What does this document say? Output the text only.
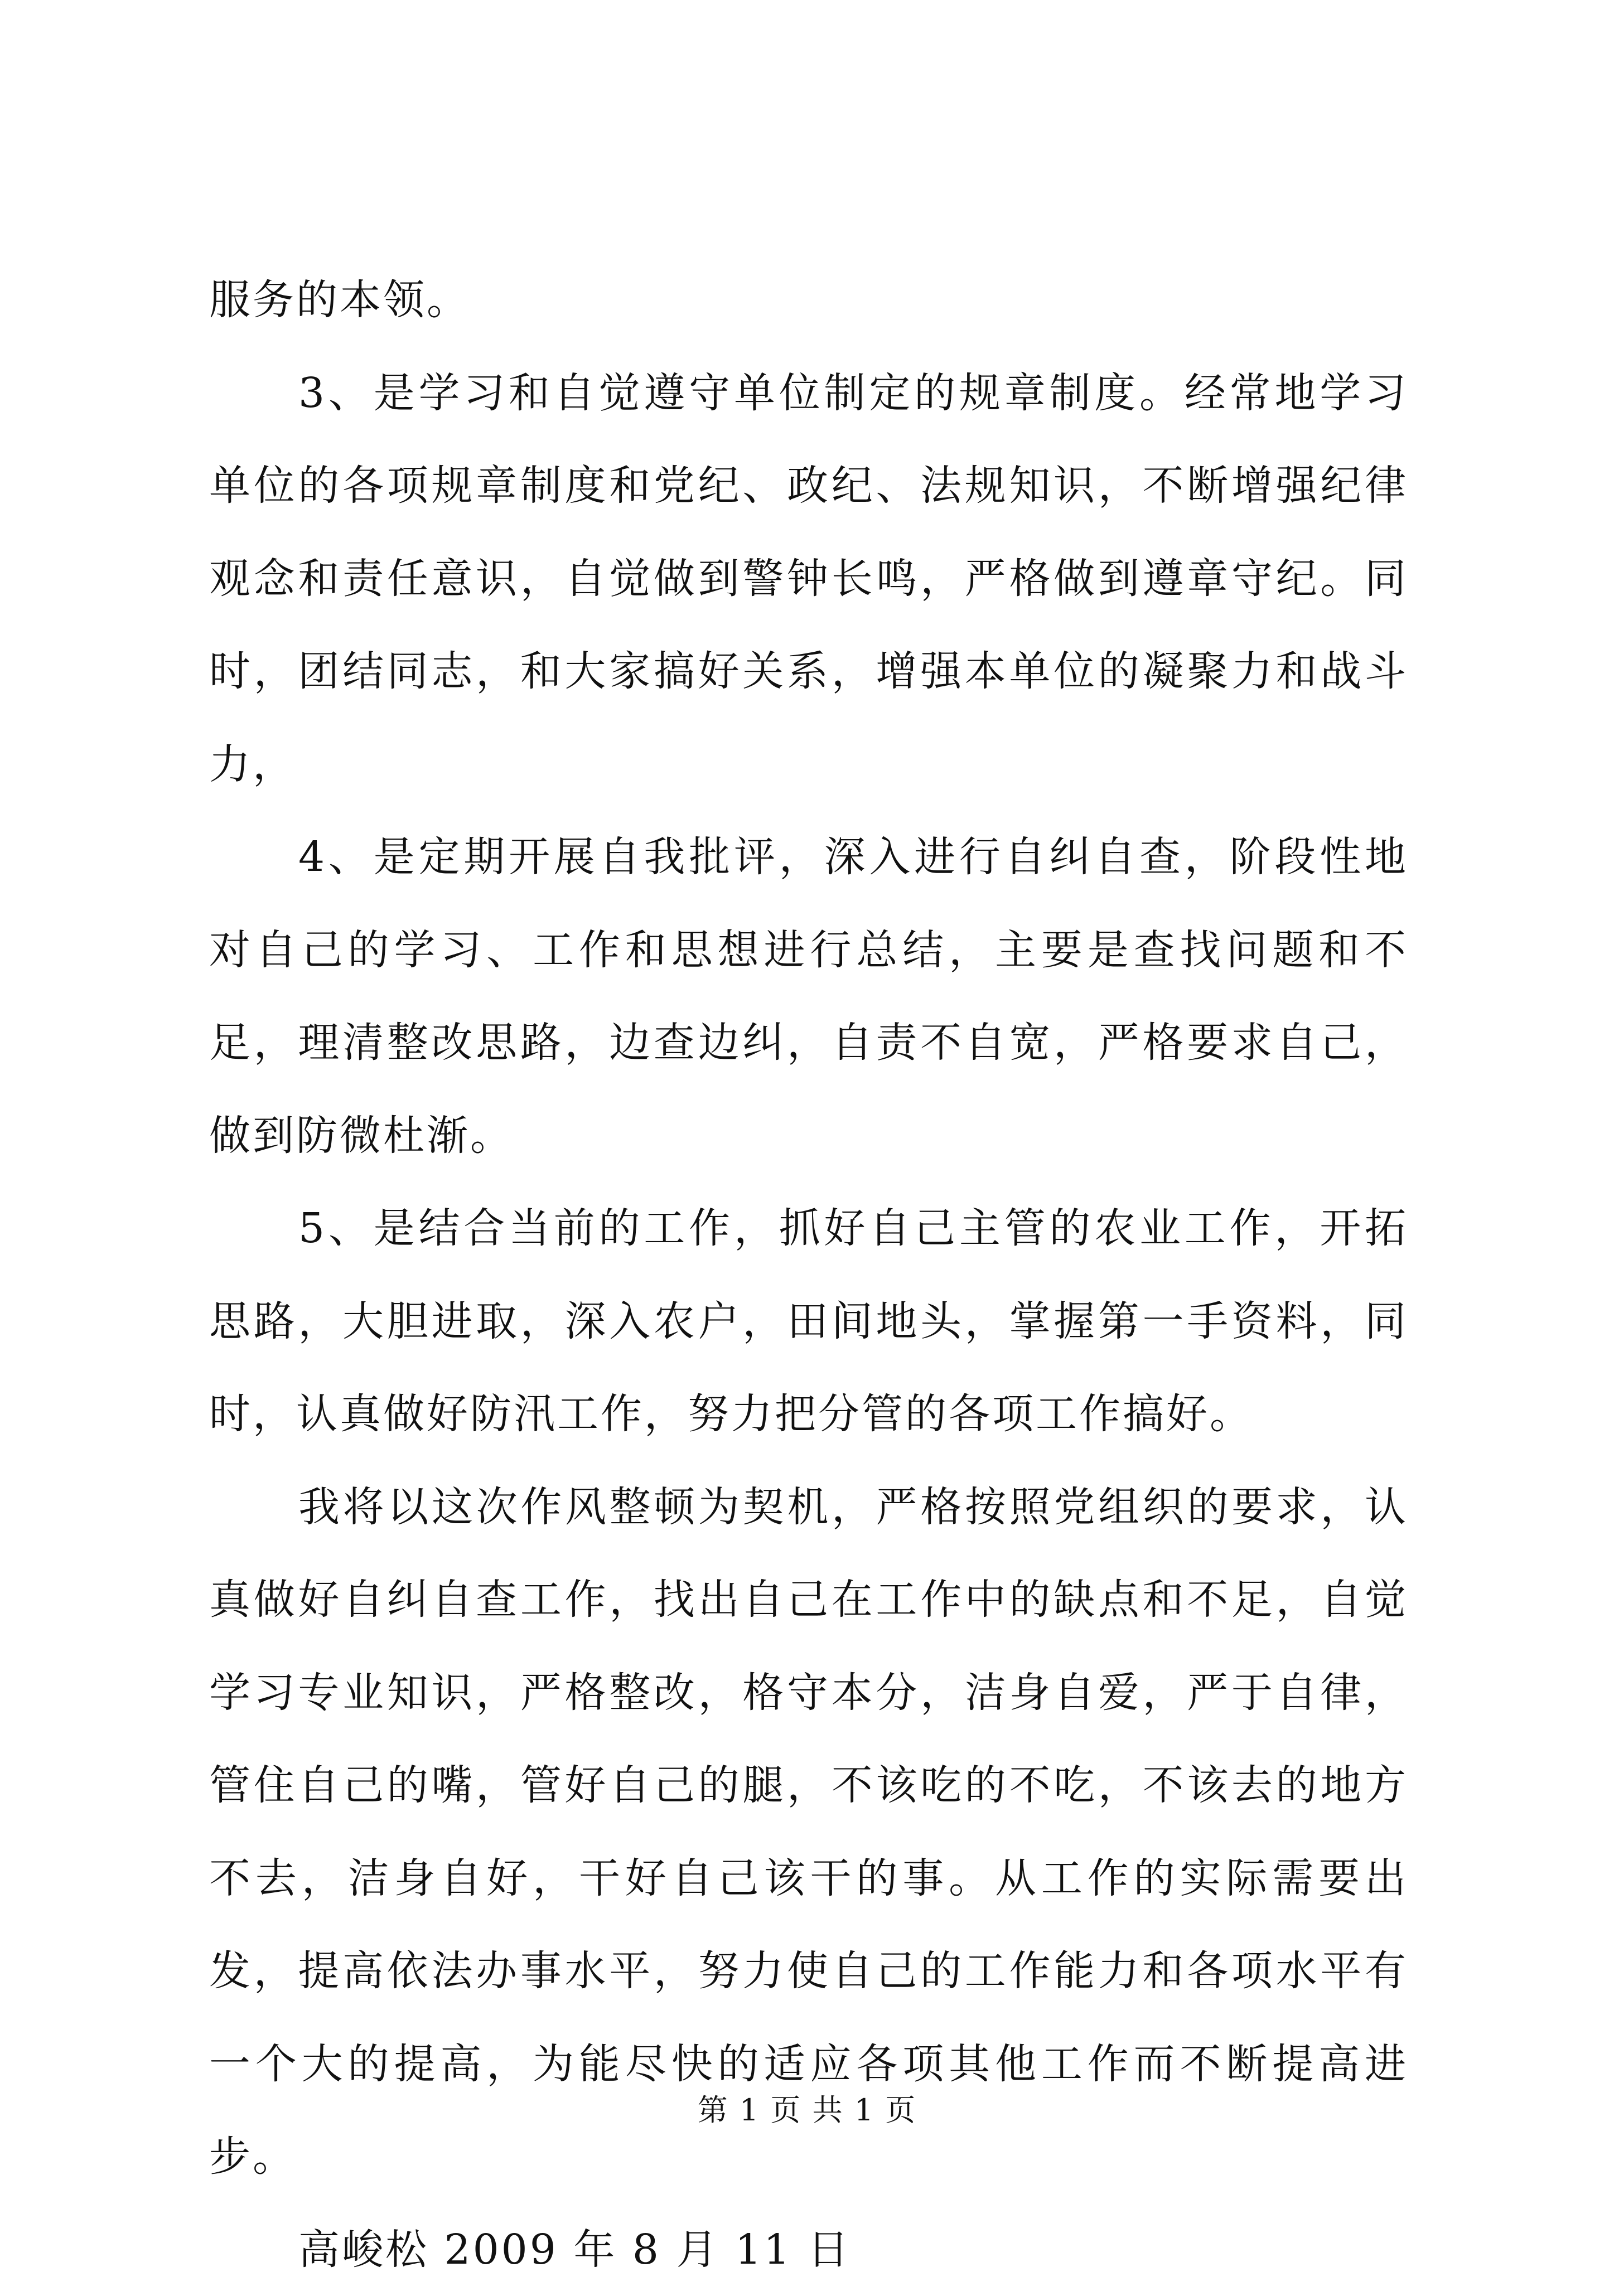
服务的本领。

3、是学习和自觉遵守单位制定的规章制度。经常地学习单位的各项规章制度和党纪、政纪、法规知识，不断增强纪律观念和责任意识，自觉做到警钟长鸣，严格做到遵章守纪。同时，团结同志，和大家搞好关系，增强本单位的凝聚力和战斗力，

4、是定期开展自我批评，深入进行自纠自查，阶段性地对自己的学习、工作和思想进行总结，主要是查找问题和不足，理清整改思路，边查边纠，自责不自宽，严格要求自己，做到防微杜渐。

5、是结合当前的工作，抓好自己主管的农业工作，开拓思路，大胆进取，深入农户，田间地头，掌握第一手资料，同时，认真做好防汛工作，努力把分管的各项工作搞好。

我将以这次作风整顿为契机，严格按照党组织的要求，认真做好自纠自查工作，找出自己在工作中的缺点和不足，自觉学习专业知识，严格整改，格守本分，洁身自爱，严于自律，管住自己的嘴，管好自己的腿，不该吃的不吃，不该去的地方不去，洁身自好，干好自己该干的事。从工作的实际需要出发，提高依法办事水平，努力使自己的工作能力和各项水平有一个大的提高，为能尽快的适应各项其他工作而不断提高进步。

高峻松 2009 年 8 月 11 日

第 1 页 共 1 页
